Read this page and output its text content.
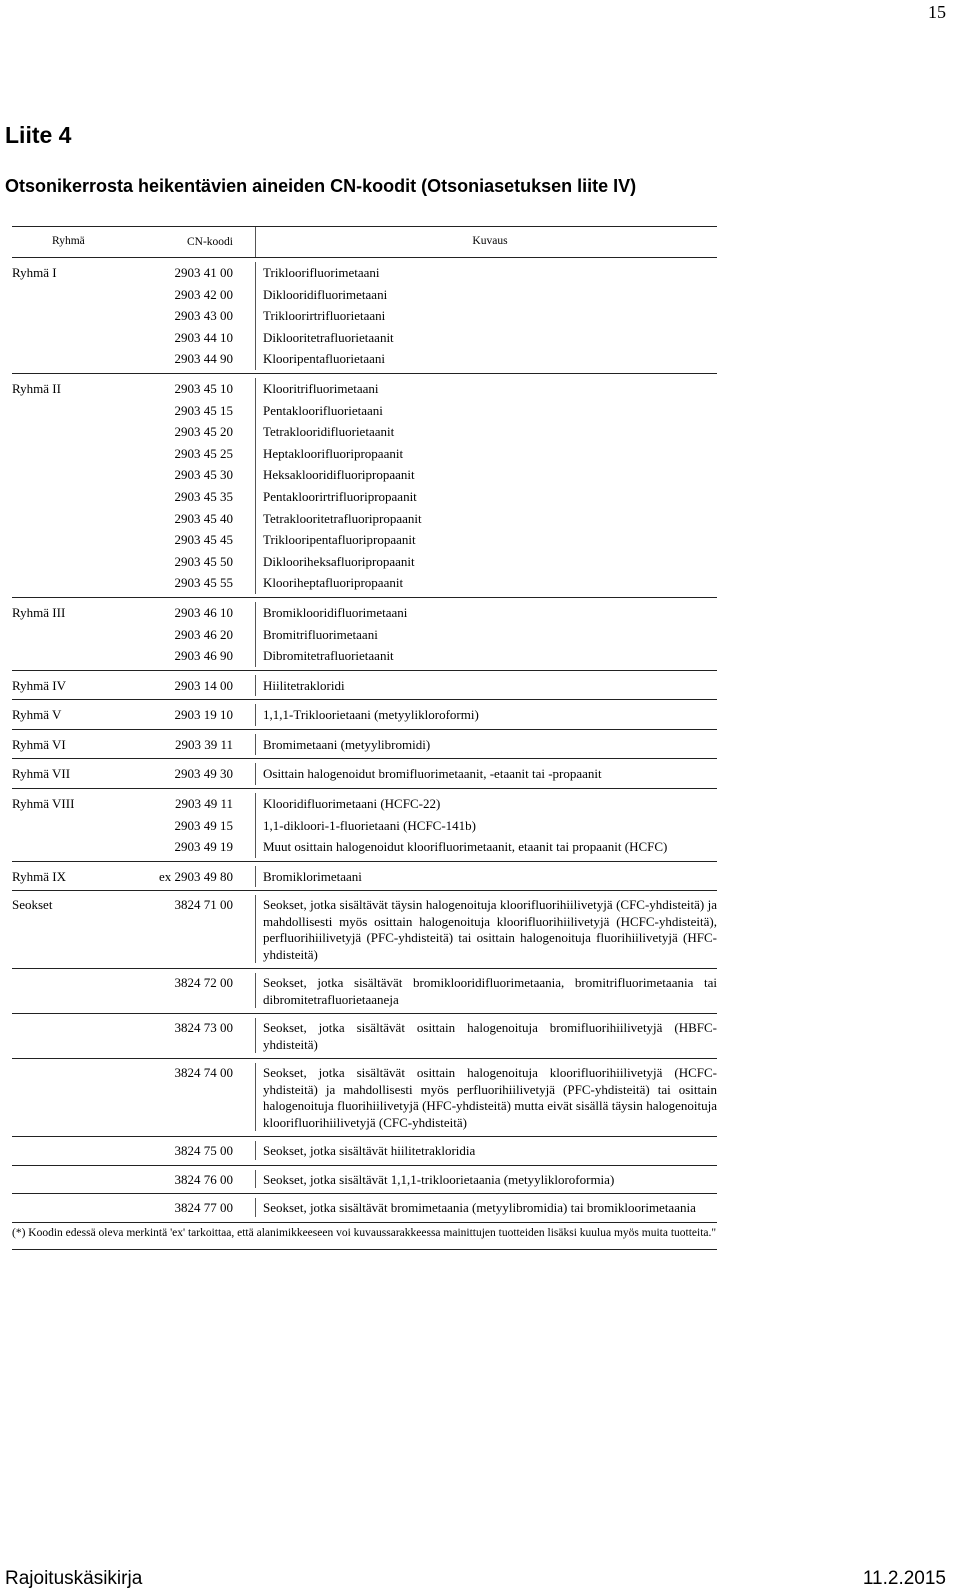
15
Liite 4
Otsonikerrosta heikentävien aineiden CN-koodit (Otsoniasetuksen liite IV)
Ryhmä	CN-koodi	Kuvaus
Ryhmä I	2903 41 00	Trikloorifluorimetaani
2903 42 00	Diklooridifluorimetaani
2903 43 00	Trikloorirtrifluorietaani
2903 44 10	Diklooritetrafluorietaanit
2903 44 90	Klooripentafluorietaani
Ryhmä II	2903 45 10	Klooritrifluorimetaani
2903 45 15	Pentakloorifluorietaani
2903 45 20	Tetraklooridifluorietaanit
2903 45 25	Heptakloorifluoripropaanit
2903 45 30	Heksaklooridifluoripropaanit
2903 45 35	Pentakloorirtrifluoripropaanit
2903 45 40	Tetraklooritetrafluoripropaanit
2903 45 45	Triklooripentafluoripropaanit
2903 45 50	Diklooriheksafluoripropaanit
2903 45 55	Klooriheptafluoripropaanit
Ryhmä III	2903 46 10	Bromiklooridifluorimetaani
2903 46 20	Bromitrifluorimetaani
2903 46 90	Dibromitetrafluorietaanit
Ryhmä IV	2903 14 00	Hiilitetrakloridi
Ryhmä V	2903 19 10	1,1,1-Trikloorietaani (metyylikloroformi)
Ryhmä VI	2903 39 11	Bromimetaani (metyylibromidi)
Ryhmä VII	2903 49 30	Osittain halogenoidut bromifluorimetaanit, -etaanit tai -propaanit
Ryhmä VIII	2903 49 11	Klooridifluorimetaani (HCFC-22)
2903 49 15	1,1-dikloori-1-fluorietaani (HCFC-141b)
2903 49 19	Muut osittain halogenoidut kloorifluorimetaanit, etaanit tai propaanit (HCFC)
Ryhmä IX	ex 2903 49 80	Bromiklorimetaani
Seokset	3824 71 00	Seokset, jotka sisältävät täysin halogenoituja kloorifluorihiilivetyjä (CFC-yhdisteitä) ja mahdollisesti myös osittain halogenoituja kloorifluorihiilivetyjä (HCFC-yhdisteitä), perfluorihiilivetyjä (PFC-yhdisteitä) tai osittain halogenoituja fluorihiilivetyjä (HFC-yhdisteitä)
3824 72 00	Seokset, jotka sisältävät bromiklooridifluorimetaania, bromitrifluorimetaania tai dibromitetrafluorietaaneja
3824 73 00	Seokset, jotka sisältävät osittain halogenoituja bromifluorihiilivetyjä (HBFC-yhdisteitä)
3824 74 00	Seokset, jotka sisältävät osittain halogenoituja kloorifluorihiilivetyjä (HCFC-yhdisteitä) ja mahdollisesti myös perfluorihiilivetyjä (PFC-yhdisteitä) tai osittain halogenoituja fluorihiilivetyjä (HFC-yhdisteitä) mutta eivät sisällä täysin halogenoituja kloorifluorihiilivetyjä (CFC-yhdisteitä)
3824 75 00	Seokset, jotka sisältävät hiilitetrakloridia
3824 76 00	Seokset, jotka sisältävät 1,1,1-trikloorietaania (metyylikloroformia)
3824 77 00	Seokset, jotka sisältävät bromimetaania (metyylibromidia) tai bromikloorimetaania
(*) Koodin edessä oleva merkintä 'ex' tarkoittaa, että alanimikkeeseen voi kuvaussarakkeessa mainittujen tuotteiden lisäksi kuulua myös muita tuotteita."
Rajoituskäsikirja	11.2.2015
